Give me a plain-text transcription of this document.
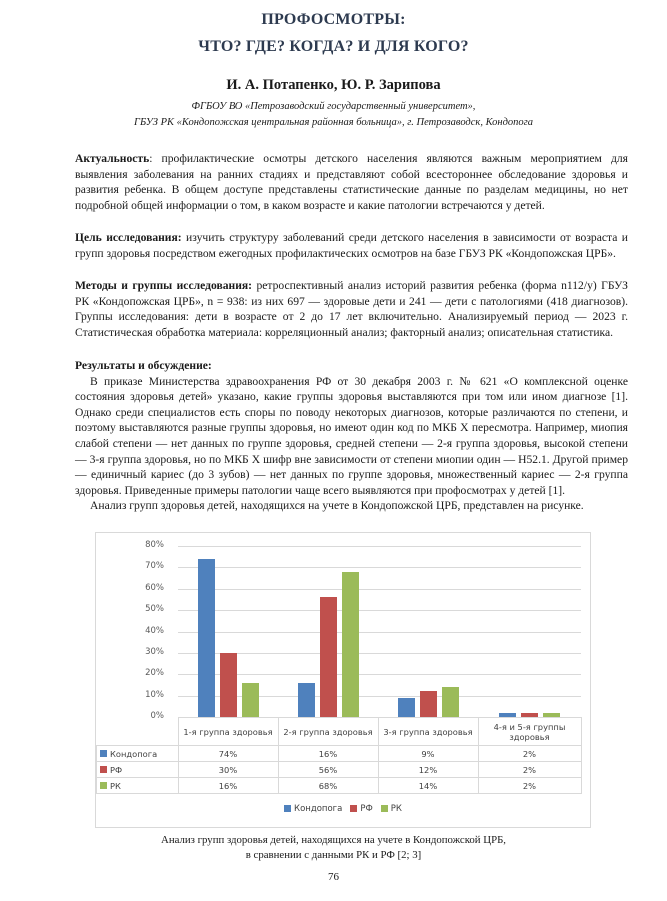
ПРОФОСМОТРЫ:
ЧТО? ГДЕ? КОГДА? И ДЛЯ КОГО?
И. А. Потапенко, Ю. Р. Зарипова
ФГБОУ ВО «Петрозаводский государственный университет»,
ГБУЗ РК «Кондопожская центральная районная больница», г. Петрозаводск, Кондопога
Актуальность: профилактические осмотры детского населения являются важным мероприятием для выявления заболевания на ранних стадиях и представляют собой всестороннее обследование здоровья и развития ребенка. В общем доступе представлены статистические данные по разделам медицины, но нет подробной общей информации о том, в каком возрасте и какие патологии встречаются у детей.
Цель исследования: изучить структуру заболеваний среди детского населения в зависимости от возраста и групп здоровья посредством ежегодных профилактических осмотров на базе ГБУЗ РК «Кондопожская ЦРБ».
Методы и группы исследования: ретроспективный анализ историй развития ребенка (форма n112/у) ГБУЗ РК «Кондопожская ЦРБ», n = 938: из них 697 — здоровые дети и 241 — дети с патологиями (418 диагнозов). Группы исследования: дети в возрасте от 2 до 17 лет включительно. Анализируемый период — 2023 г. Статистическая обработка материала: корреляционный анализ; факторный анализ; описательная статистика.
Результаты и обсуждение:
В приказе Министерства здравоохранения РФ от 30 декабря 2003 г. № 621 «О комплексной оценке состояния здоровья детей» указано, какие группы здоровья выставляются при том или ином диагнозе [1]. Однако среди специалистов есть споры по поводу некоторых диагнозов, которые различаются по степени, и поэтому выставляются разные группы здоровья, но имеют один код по МКБ X пересмотра. Например, миопия слабой степени — нет данных по группе здоровья, средней степени — 2-я группа здоровья, высокой степени — 3-я группа здоровья, но по МКБ X шифр вне зависимости от степени миопии один — H52.1. Другой пример — единичный кариес (до 3 зубов) — нет данных по группе здоровья, множественный кариес — 2-я группа здоровья. Приведенные примеры патологии чаще всего выявляются при профосмотрах у детей [1].
Анализ групп здоровья детей, находящихся на учете в Кондопожской ЦРБ, представлен на рисунке.
0%
10%
20%
30%
40%
50%
60%
70%
80%
	1-я группа здоровья	2-я группа здоровья	3-я группа здоровья	4-я и 5-я группы здоровья
Кондопога	74%	16%	9%	2%
РФ	30%	56%	12%	2%
РК	16%	68%	14%	2%
Кондопога РФ РК
Анализ групп здоровья детей, находящихся на учете в Кондопожской ЦРБ,
в сравнении с данными РК и РФ [2; 3]
76
